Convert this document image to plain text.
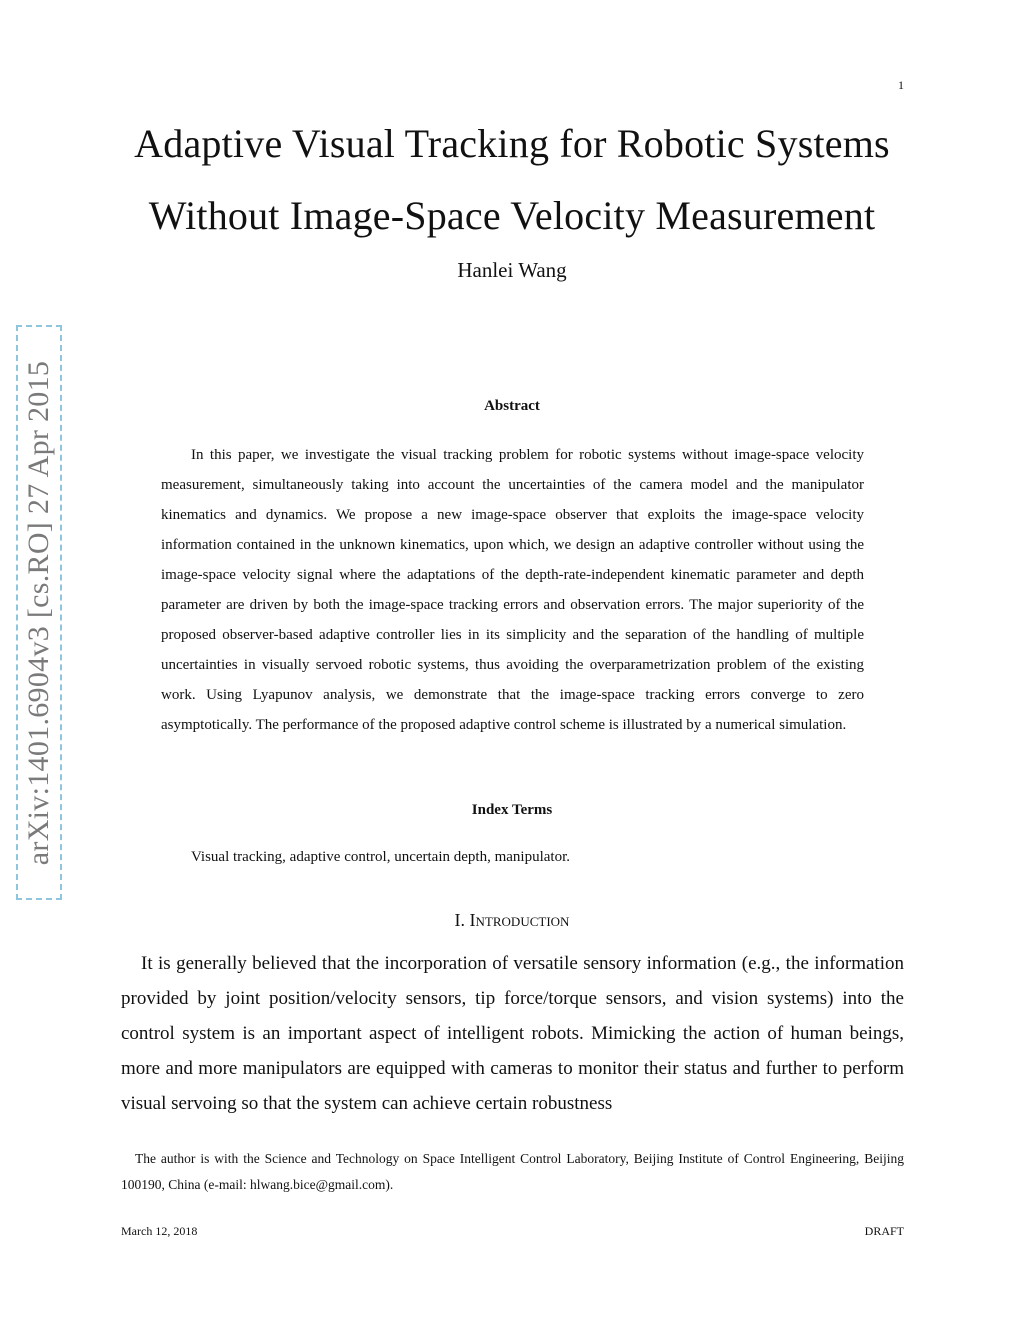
1
Adaptive Visual Tracking for Robotic Systems
Without Image-Space Velocity Measurement
Hanlei Wang
arXiv:1401.6904v3 [cs.RO] 27 Apr 2015	Abstract

In this paper, we investigate the visual tracking problem for robotic systems without image-space velocity measurement, simultaneously taking into account the uncertainties of the camera model and the manipulator kinematics and dynamics. We propose a new image-space observer that exploits the image-space velocity information contained in the unknown kinematics, upon which, we design an adaptive controller without using the image-space velocity signal where the adaptations of the depth-rate-independent kinematic parameter and depth parameter are driven by both the image-space tracking errors and observation errors. The major superiority of the proposed observer-based adaptive controller lies in its simplicity and the separation of the handling of multiple uncertainties in visually servoed robotic systems, thus avoiding the overparametrization problem of the existing work. Using Lyapunov analysis, we demonstrate that the image-space tracking errors converge to zero asymptotically. The performance of the proposed adaptive control scheme is illustrated by a numerical simulation.

Index Terms
Visual tracking, adaptive control, uncertain depth, manipulator.
I. Introduction

It is generally believed that the incorporation of versatile sensory information (e.g., the information provided by joint position/velocity sensors, tip force/torque sensors, and vision systems) into the control system is an important aspect of intelligent robots. Mimicking the action of human beings, more and more manipulators are equipped with cameras to monitor their status and further to perform visual servoing so that the system can achieve certain robustness

The author is with the Science and Technology on Space Intelligent Control Laboratory, Beijing Institute of Control Engineering, Beijing 100190, China (e-mail: hlwang.bice@gmail.com).

March 12, 2018	DRAFT
